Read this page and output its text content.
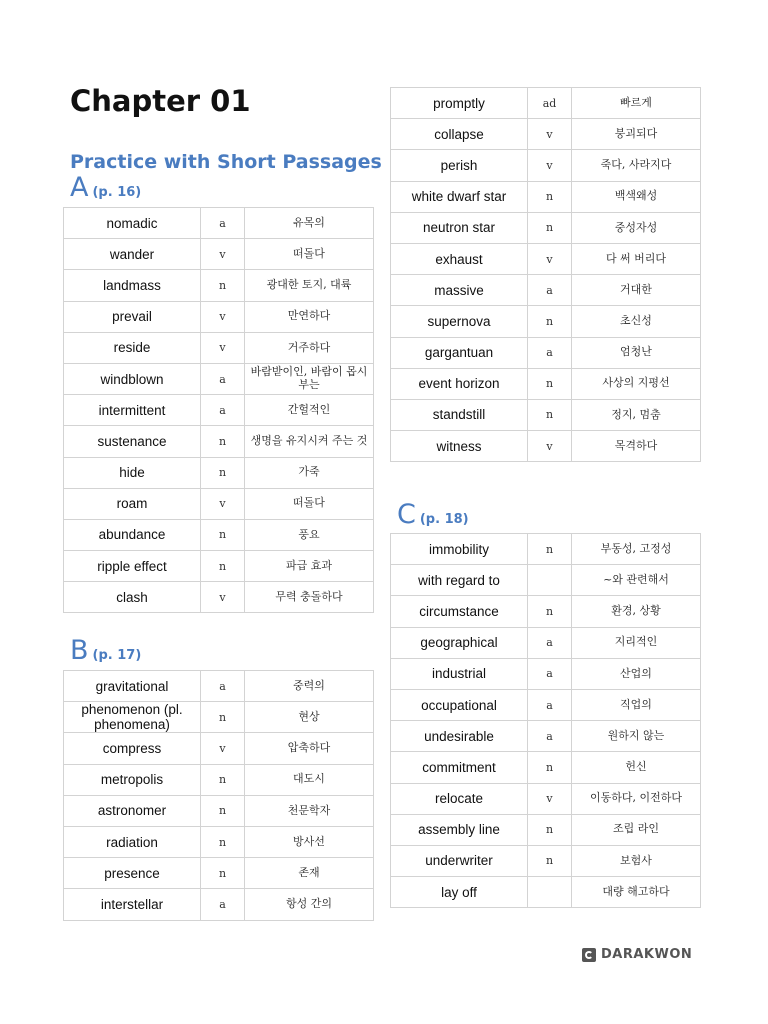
Chapter 01
Practice with Short Passages
A (p. 16)
nomadic	a	유목의
wander	v	떠돌다
landmass	n	광대한 토지, 대륙
prevail	v	만연하다
reside	v	거주하다
windblown	a	바람받이인, 바람이 몹시 부는
intermittent	a	간헐적인
sustenance	n	생명을 유지시켜 주는 것
hide	n	가죽
roam	v	떠돌다
abundance	n	풍요
ripple effect	n	파급 효과
clash	v	무력 충돌하다
B (p. 17)
gravitational	a	중력의
phenomenon (pl. phenomena)	n	현상
compress	v	압축하다
metropolis	n	대도시
astronomer	n	천문학자
radiation	n	방사선
presence	n	존재
interstellar	a	항성 간의
promptly	ad	빠르게
collapse	v	붕괴되다
perish	v	죽다, 사라지다
white dwarf star	n	백색왜성
neutron star	n	중성자성
exhaust	v	다 써 버리다
massive	a	거대한
supernova	n	초신성
gargantuan	a	엄청난
event horizon	n	사상의 지평선
standstill	n	정지, 멈춤
witness	v	목격하다
C (p. 18)
immobility	n	부동성, 고정성
with regard to		~와 관련해서
circumstance	n	환경, 상황
geographical	a	지리적인
industrial	a	산업의
occupational	a	직업의
undesirable	a	원하지 않는
commitment	n	헌신
relocate	v	이동하다, 이전하다
assembly line	n	조립 라인
underwriter	n	보험사
lay off		대량 해고하다
DARAKWON
